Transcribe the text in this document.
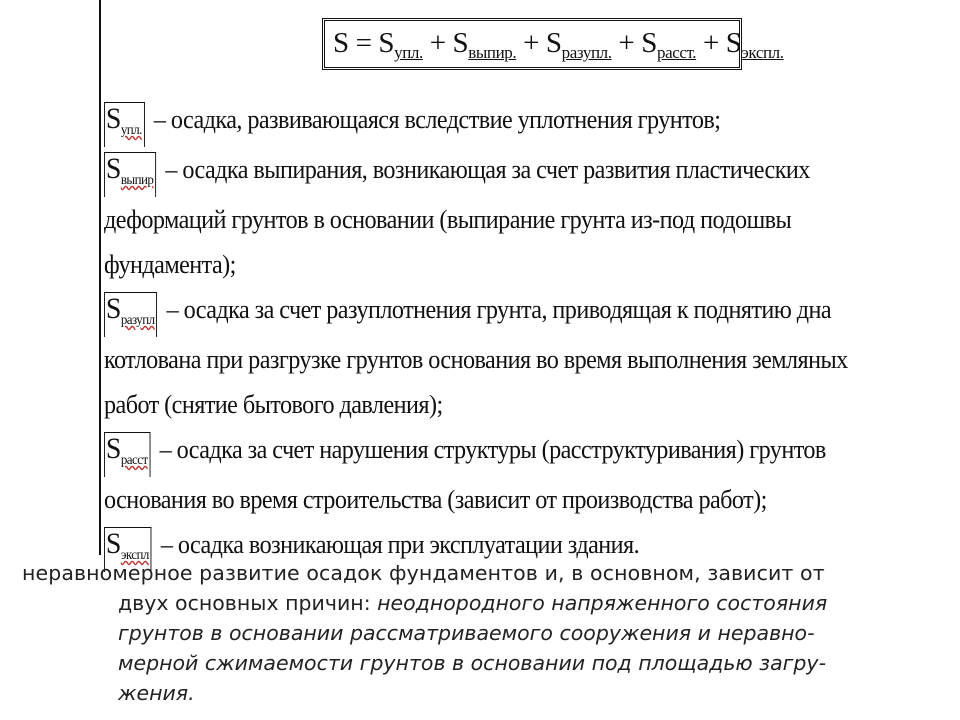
$S = S_{упл.} + S_{выпир.} + S_{разупл.} + S_{расст.} + S_{экспл.}$
$S_{упл.}$ – осадка, развивающаяся вследствие уплотнения грунтов;
$S_{выпир}$ – осадка выпирания, возникающая за счет развития пластических
деформаций грунтов в основании (выпирание грунта из-под подошвы
фундамента);
$S_{разупл}$ – осадка за счет разуплотнения грунта, приводящая к поднятию дна
котлована при разгрузке грунтов основания во время выполнения земляных
работ (снятие бытового давления);
$S_{расст}$ – осадка за счет нарушения структуры (расструктуривания) грунтов
основания во время строительства (зависит от производства работ);
$S_{экспл}$ – осадка возникающая при эксплуатации здания.
неравномерное развитие осадок фундаментов и, в основном, зависит от
двух основных причин: неоднородного напряженного состояния
грунтов в основании рассматриваемого сооружения и неравно-
мерной сжимаемости грунтов в основании под площадью загру-
жения.
